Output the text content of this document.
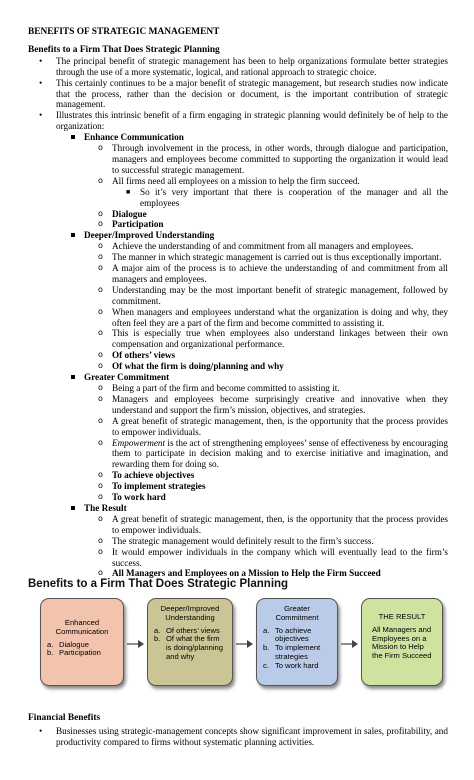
BENEFITS OF STRATEGIC MANAGEMENT
Benefits to a Firm That Does Strategic Planning
• The principal benefit of strategic management has been to help organizations formulate better strategies through the use of a more systematic, logical, and rational approach to strategic choice.
• This certainly continues to be a major benefit of strategic management, but research studies now indicate that the process, rather than the decision or document, is the important contribution of strategic management.
• Illustrates this intrinsic benefit of a firm engaging in strategic planning would definitely be of help to the organization:
Enhance Communication
o Through involvement in the process, in other words, through dialogue and participation, managers and employees become committed to supporting the organization it would lead to successful strategic management.
o All firms need all employees on a mission to help the firm succeed.
■ So it’s very important that there is cooperation of the manager and all the employees
o Dialogue
o Participation
Deeper/Improved Understanding
o Achieve the understanding of and commitment from all managers and employees.
o The manner in which strategic management is carried out is thus exceptionally important.
o A major aim of the process is to achieve the understanding of and commitment from all managers and employees.
o Understanding may be the most important benefit of strategic management, followed by commitment.
o When managers and employees understand what the organization is doing and why, they often feel they are a part of the firm and become committed to assisting it.
o This is especially true when employees also understand linkages between their own compensation and organizational performance.
o Of others’ views
o Of what the firm is doing/planning and why
Greater Commitment
o Being a part of the firm and become committed to assisting it.
o Managers and employees become surprisingly creative and innovative when they understand and support the firm’s mission, objectives, and strategies.
o A great benefit of strategic management, then, is the opportunity that the process provides to empower individuals.
o Empowerment is the act of strengthening employees’ sense of effectiveness by encouraging them to participate in decision making and to exercise initiative and imagination, and rewarding them for doing so.
o To achieve objectives
o To implement strategies
o To work hard
The Result
o A great benefit of strategic management, then, is the opportunity that the process provides to empower individuals.
o The strategic management would definitely result to the firm’s success.
o It would empower individuals in the company which will eventually lead to the firm’s success.
o All Managers and Employees on a Mission to Help the Firm Succeed
Benefits to a Firm That Does Strategic Planning
Enhanced Communication
a. Dialogue
b. Participation
Deeper/Improved Understanding
a. Of others’ views
b. Of what the firm is doing/planning and why
Greater Commitment
a. To achieve objectives
b. To implement strategies
c. To work hard
THE RESULT
All Managers and Employees on a Mission to Help the Firm Succeed
Financial Benefits
• Businesses using strategic-management concepts show significant improvement in sales, profitability, and productivity compared to firms without systematic planning activities.
